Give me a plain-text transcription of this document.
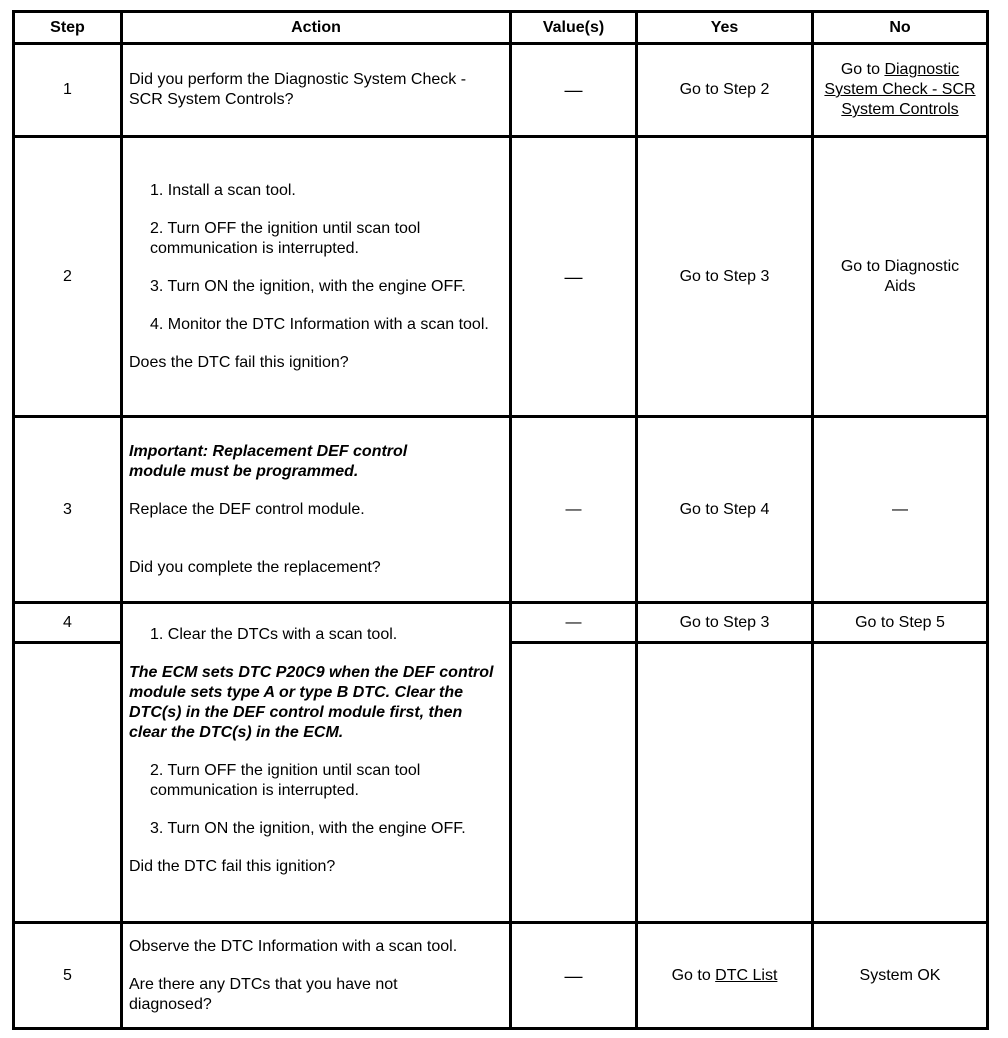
Step	Action	Value(s)	Yes	No
1	Did you perform the Diagnostic System Check - SCR System Controls?	—	Go to Step 2	Go to Diagnostic System Check - SCR System Controls
2	1. Install a scan tool.

2. Turn OFF the ignition until scan tool communication is interrupted.

3. Turn ON the ignition, with the engine OFF.

4. Monitor the DTC Information with a scan tool.

Does the DTC fail this ignition?	—	Go to Step 3	Go to Diagnostic Aids
3	Important: Replacement DEF control module must be programmed.

Replace the DEF control module.

Did you complete the replacement?	—	Go to Step 4	—
4	1. Clear the DTCs with a scan tool.

The ECM sets DTC P20C9 when the DEF control module sets type A or type B DTC. Clear the DTC(s) in the DEF control module first, then clear the DTC(s) in the ECM.

2. Turn OFF the ignition until scan tool communication is interrupted.

3. Turn ON the ignition, with the engine OFF.

Did the DTC fail this ignition?	—	Go to Step 3	Go to Step 5

5	Observe the DTC Information with a scan tool.

Are there any DTCs that you have not diagnosed?	—	Go to DTC List	System OK
